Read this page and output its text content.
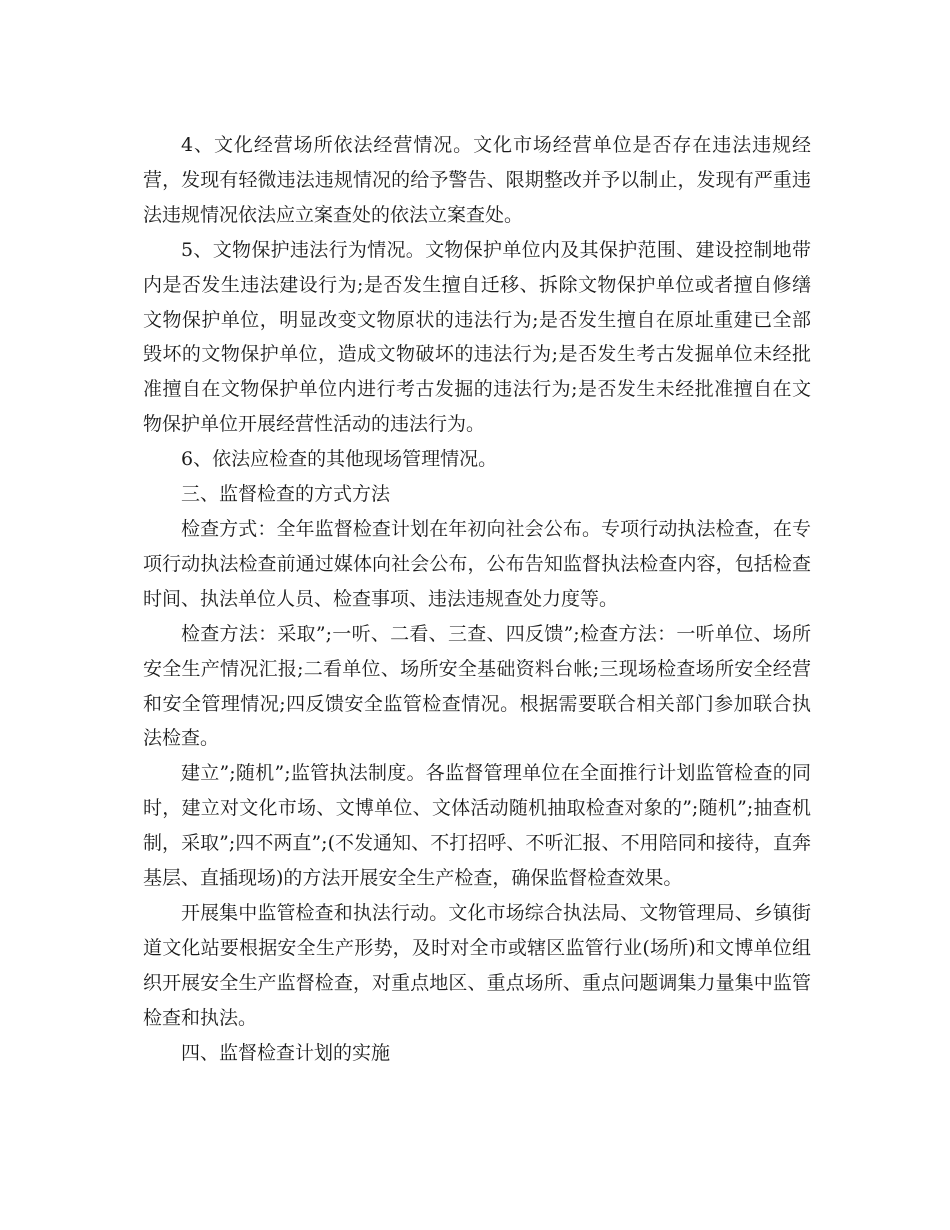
4、文化经营场所依法经营情况。文化市场经营单位是否存在违法违规经营，发现有轻微违法违规情况的给予警告、限期整改并予以制止，发现有严重违法违规情况依法应立案查处的依法立案查处。

5、文物保护违法行为情况。文物保护单位内及其保护范围、建设控制地带内是否发生违法建设行为;是否发生擅自迁移、拆除文物保护单位或者擅自修缮文物保护单位，明显改变文物原状的违法行为;是否发生擅自在原址重建已全部毁坏的文物保护单位，造成文物破坏的违法行为;是否发生考古发掘单位未经批准擅自在文物保护单位内进行考古发掘的违法行为;是否发生未经批准擅自在文物保护单位开展经营性活动的违法行为。

6、依法应检查的其他现场管理情况。

三、监督检查的方式方法

检查方式：全年监督检查计划在年初向社会公布。专项行动执法检查，在专项行动执法检查前通过媒体向社会公布，公布告知监督执法检查内容，包括检查时间、执法单位人员、检查事项、违法违规查处力度等。

检查方法：采取”;一听、二看、三查、四反馈”;检查方法：一听单位、场所安全生产情况汇报;二看单位、场所安全基础资料台帐;三现场检查场所安全经营和安全管理情况;四反馈安全监管检查情况。根据需要联合相关部门参加联合执法检查。

建立”;随机”;监管执法制度。各监督管理单位在全面推行计划监管检查的同时，建立对文化市场、文博单位、文体活动随机抽取检查对象的”;随机”;抽查机制，采取”;四不两直”;(不发通知、不打招呼、不听汇报、不用陪同和接待，直奔基层、直插现场)的方法开展安全生产检查，确保监督检查效果。

开展集中监管检查和执法行动。文化市场综合执法局、文物管理局、乡镇街道文化站要根据安全生产形势，及时对全市或辖区监管行业(场所)和文博单位组织开展安全生产监督检查，对重点地区、重点场所、重点问题调集力量集中监管检查和执法。

四、监督检查计划的实施
